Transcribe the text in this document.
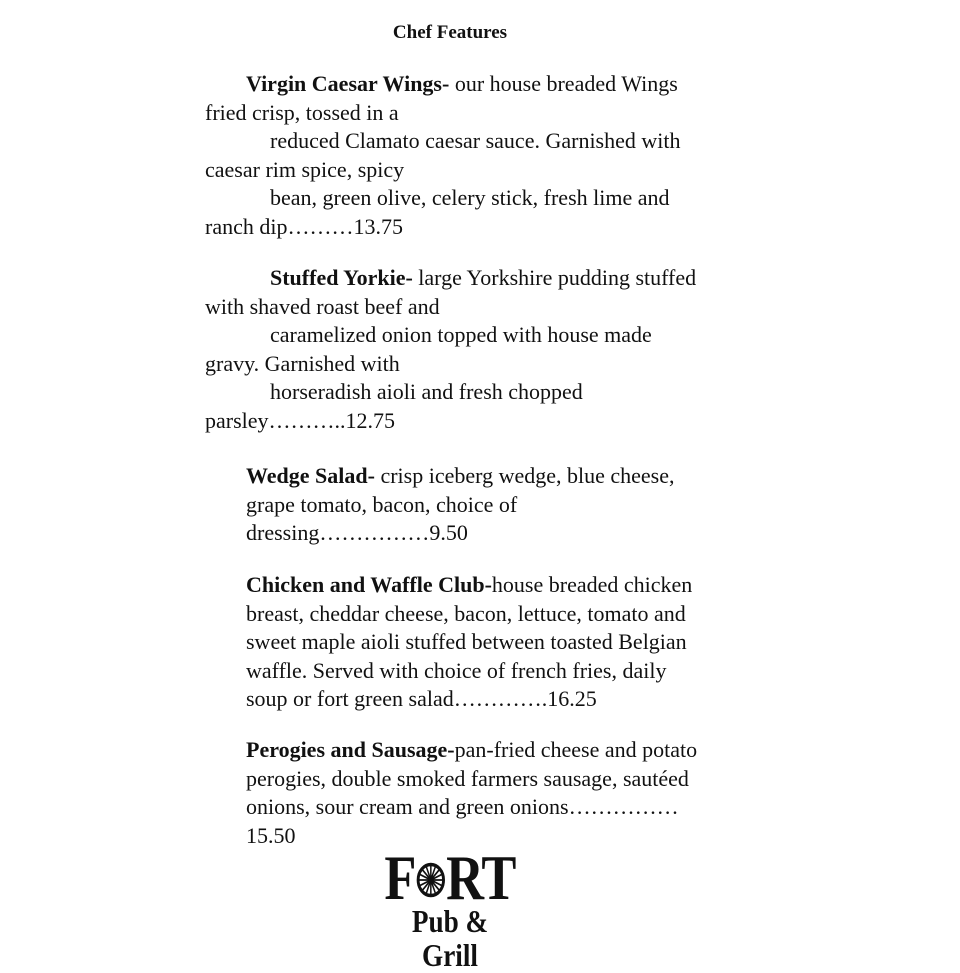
Chef Features
Virgin Caesar Wings- our house breaded Wings
fried crisp, tossed in a
reduced Clamato caesar sauce. Garnished with
caesar rim spice, spicy
bean, green olive, celery stick, fresh lime and
ranch dip………13.75
Stuffed Yorkie- large Yorkshire pudding stuffed
with shaved roast beef and
caramelized onion topped with house made
gravy. Garnished with
horseradish aioli and fresh chopped
parsley………..12.75
Wedge Salad- crisp iceberg wedge, blue cheese,
grape tomato, bacon, choice of
dressing……………9.50
Chicken and Waffle Club-house breaded chicken
breast, cheddar cheese, bacon, lettuce, tomato and
sweet maple aioli stuffed between toasted Belgian
waffle. Served with choice of french fries, daily
soup or fort green salad………….16.25
Perogies and Sausage-pan-fried cheese and potato
perogies, double smoked farmers sausage, sautéed
onions, sour cream and green onions……………
15.50
F RT
Pub & Grill
